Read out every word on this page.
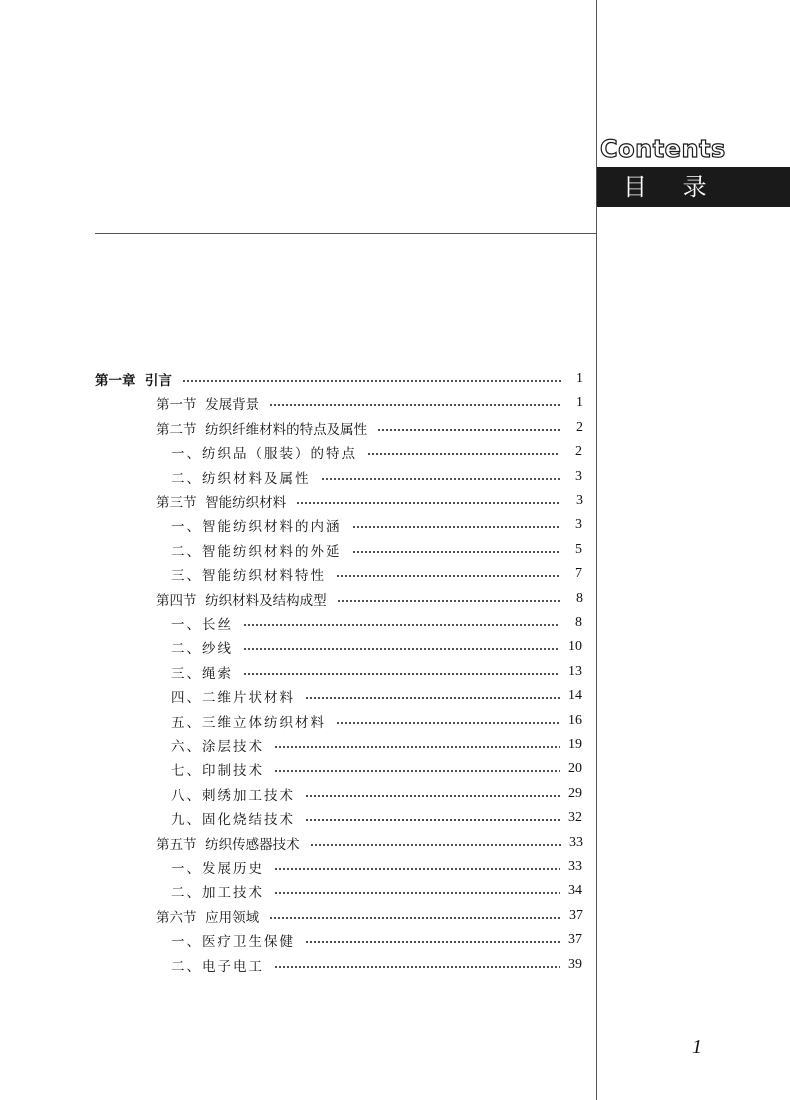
Contents
目 录
第一章  引言	1
第一节  发展背景	1
第二节  纺织纤维材料的特点及属性	2
一、纺织品（服装）的特点	2
二、纺织材料及属性	3
第三节  智能纺织材料	3
一、智能纺织材料的内涵	3
二、智能纺织材料的外延	5
三、智能纺织材料特性	7
第四节  纺织材料及结构成型	8
一、长丝	8
二、纱线	10
三、绳索	13
四、二维片状材料	14
五、三维立体纺织材料	16
六、涂层技术	19
七、印制技术	20
八、刺绣加工技术	29
九、固化烧结技术	32
第五节  纺织传感器技术	33
一、发展历史	33
二、加工技术	34
第六节  应用领域	37
一、医疗卫生保健	37
二、电子电工	39
1
